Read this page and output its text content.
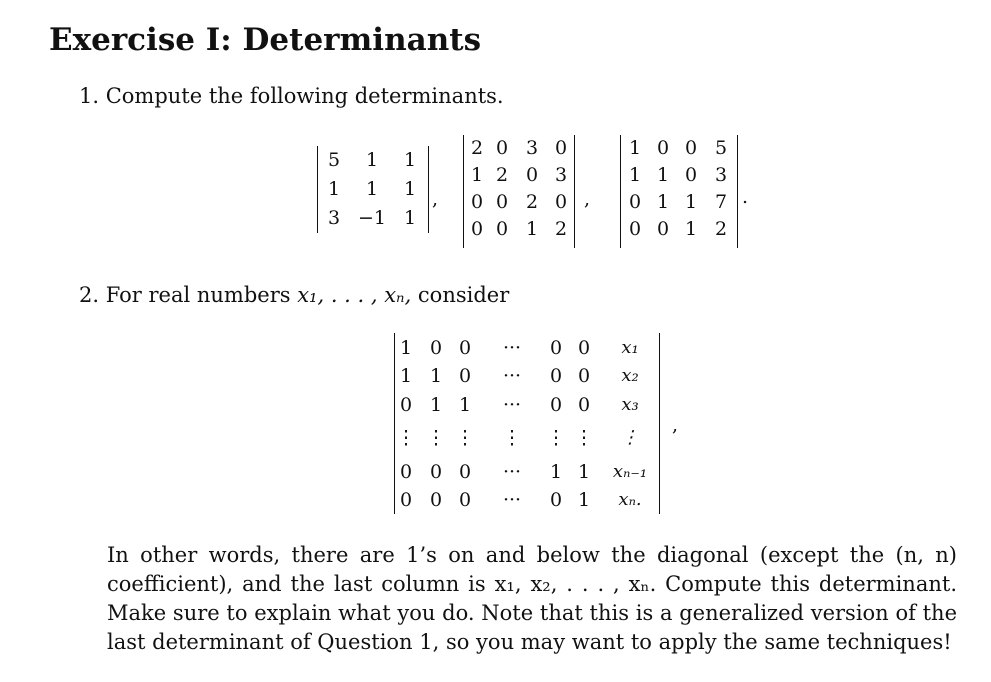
Exercise I: Determinants
1. Compute the following determinants.
5 1 1
1 1 1
3 −1 1
,
2 0 3 0
1 2 0 3
0 0 2 0
0 0 1 2
,
1 0 0 5
1 1 0 3
0 1 1 7
0 0 1 2
.
2. For real numbers x₁, . . . , xₙ, consider
1 0 0 ··· 0 0 x₁
1 1 0 ··· 0 0 x₂
0 1 1 ··· 0 0 x₃
⋮ ⋮ ⋮ ⋮ ⋮ ⋮ ⋮
0 0 0 ··· 1 1 xₙ₋₁
0 0 0 ··· 0 1 xₙ.
,
In other words, there are 1’s on and below the diagonal (except the (n, n) coefficient), and the last column is x₁, x₂, . . . , xₙ. Compute this determinant. Make sure to explain what you do. Note that this is a generalized version of the last determinant of Question 1, so you may want to apply the same techniques!
